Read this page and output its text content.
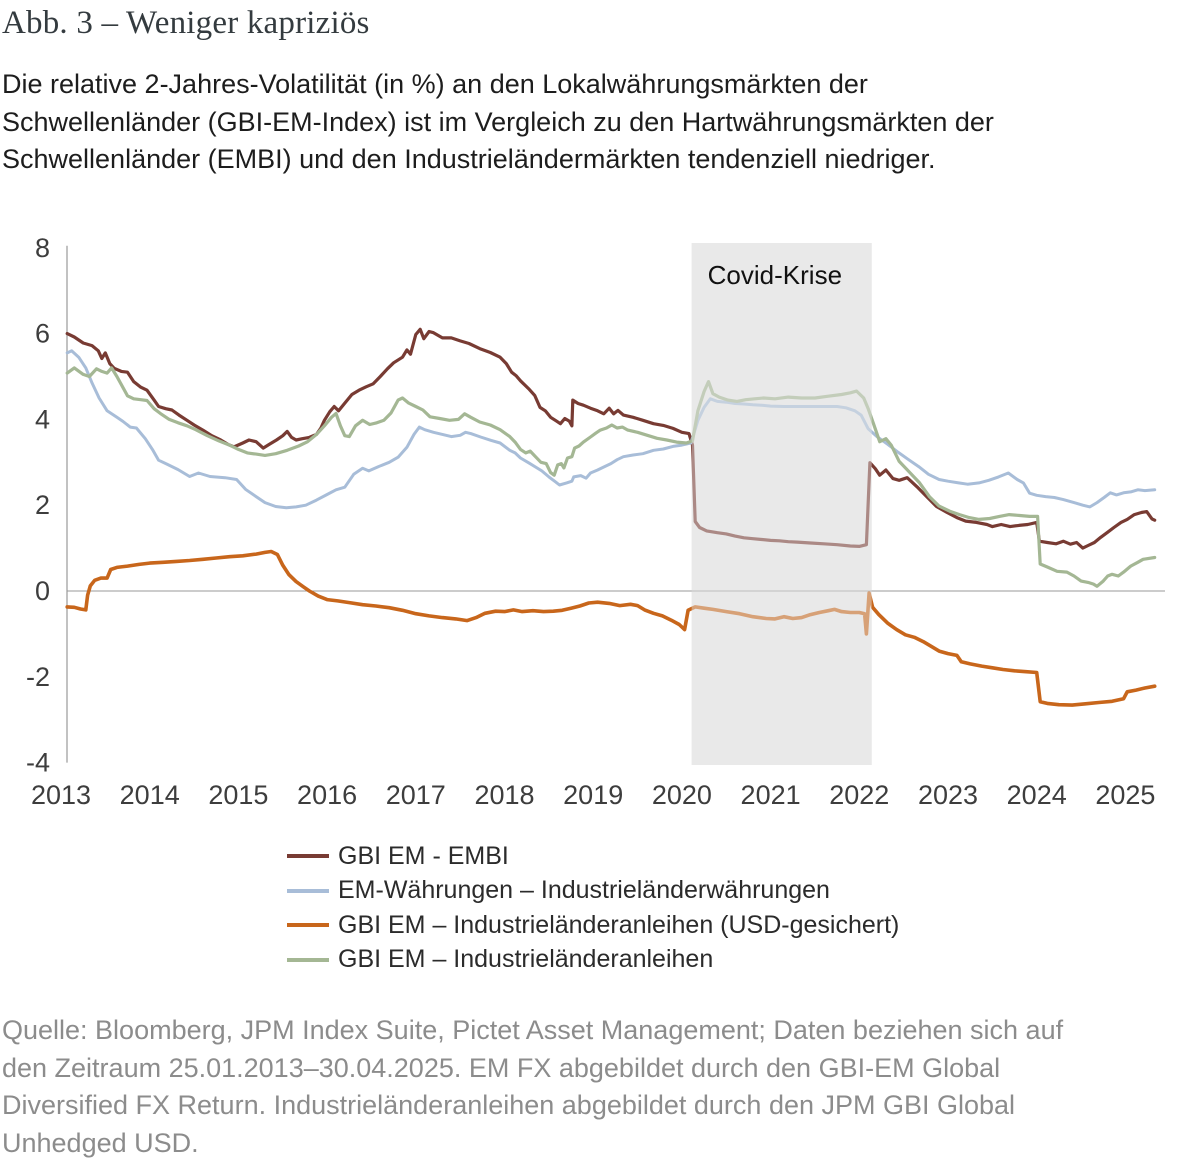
Abb. 3 – Weniger kapriziös
Die relative 2-Jahres-Volatilität (in %) an den Lokalwährungsmärkten der
Schwellenländer (GBI-EM-Index) ist im Vergleich zu den Hartwährungsmärkten der
Schwellenländer (EMBI) und den Industrieländermärkten tendenziell niedriger.
Covid-Krise
8
6
4
2
0
-2
-4
2013 2014 2015 2016 2017 2018 2019 2020 2021 2022 2023 2024 2025
GBI EM - EMBI
EM-Währungen – Industrieländerwährungen
GBI EM – Industrieländeranleihen (USD-gesichert)
GBI EM – Industrieländeranleihen
Quelle: Bloomberg, JPM Index Suite, Pictet Asset Management; Daten beziehen sich auf
den Zeitraum 25.01.2013–30.04.2025. EM FX abgebildet durch den GBI-EM Global
Diversified FX Return. Industrieländeranleihen abgebildet durch den JPM GBI Global
Unhedged USD.
